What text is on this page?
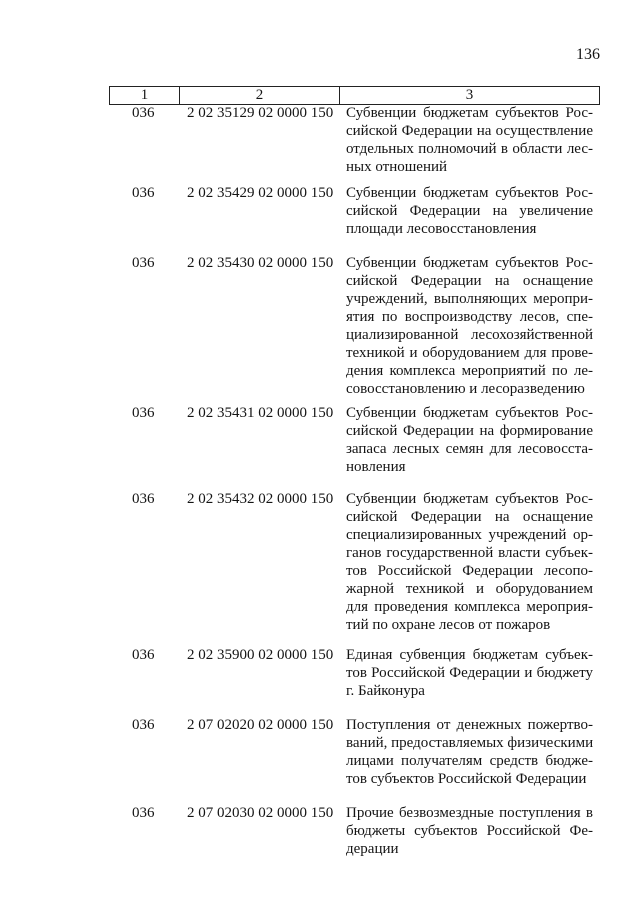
136
1	2	3
036 2 02 35129 02 0000 150 Субвенции бюджетам субъектов Рос-
сийской Федерации на осуществление
отдельных полномочий в области лес-
ных отношений
036 2 02 35429 02 0000 150 Субвенции бюджетам субъектов Рос-
сийской Федерации на увеличение
площади лесовосстановления
036 2 02 35430 02 0000 150 Субвенции бюджетам субъектов Рос-
сийской Федерации на оснащение
учреждений, выполняющих меропри-
ятия по воспроизводству лесов, спе-
циализированной лесохозяйственной
техникой и оборудованием для прове-
дения комплекса мероприятий по ле-
совосстановлению и лесоразведению
036 2 02 35431 02 0000 150 Субвенции бюджетам субъектов Рос-
сийской Федерации на формирование
запаса лесных семян для лесовосста-
новления
036 2 02 35432 02 0000 150 Субвенции бюджетам субъектов Рос-
сийской Федерации на оснащение
специализированных учреждений ор-
ганов государственной власти субъек-
тов Российской Федерации лесопо-
жарной техникой и оборудованием
для проведения комплекса мероприя-
тий по охране лесов от пожаров
036 2 02 35900 02 0000 150 Единая субвенция бюджетам субъек-
тов Российской Федерации и бюджету
г. Байконура
036 2 07 02020 02 0000 150 Поступления от денежных пожертво-
ваний, предоставляемых физическими
лицами получателям средств бюдже-
тов субъектов Российской Федерации
036 2 07 02030 02 0000 150 Прочие безвозмездные поступления в
бюджеты субъектов Российской Фе-
дерации
